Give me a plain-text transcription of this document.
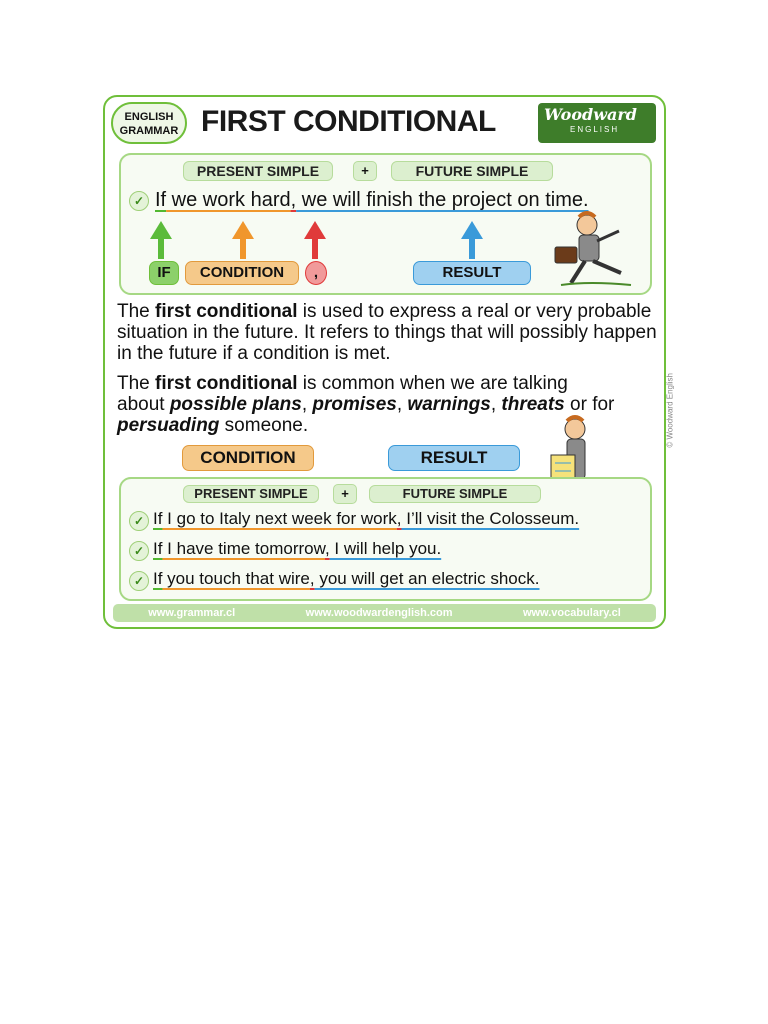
ENGLISH
GRAMMAR FIRST CONDITIONAL	Woodward
ENGLISH
PRESENT SIMPLE	+	FUTURE SIMPLE
✓ If we work hard, we will finish the project on time.
IF	CONDITION	,	RESULT
The first conditional is used to express a real or very probable situation in the future. It refers to things that will possibly happen in the future if a condition is met.
The first conditional is common when we are talking about possible plans, promises, warnings, threats or for persuading someone.	© Woodward English
CONDITION	RESULT
PRESENT SIMPLE	+	FUTURE SIMPLE
✓ If I go to Italy next week for work, I’ll visit the Colosseum.
✓ If I have time tomorrow, I will help you.
✓ If you touch that wire, you will get an electric shock.
www.grammar.cl	www.woodwardenglish.com	www.vocabulary.cl
